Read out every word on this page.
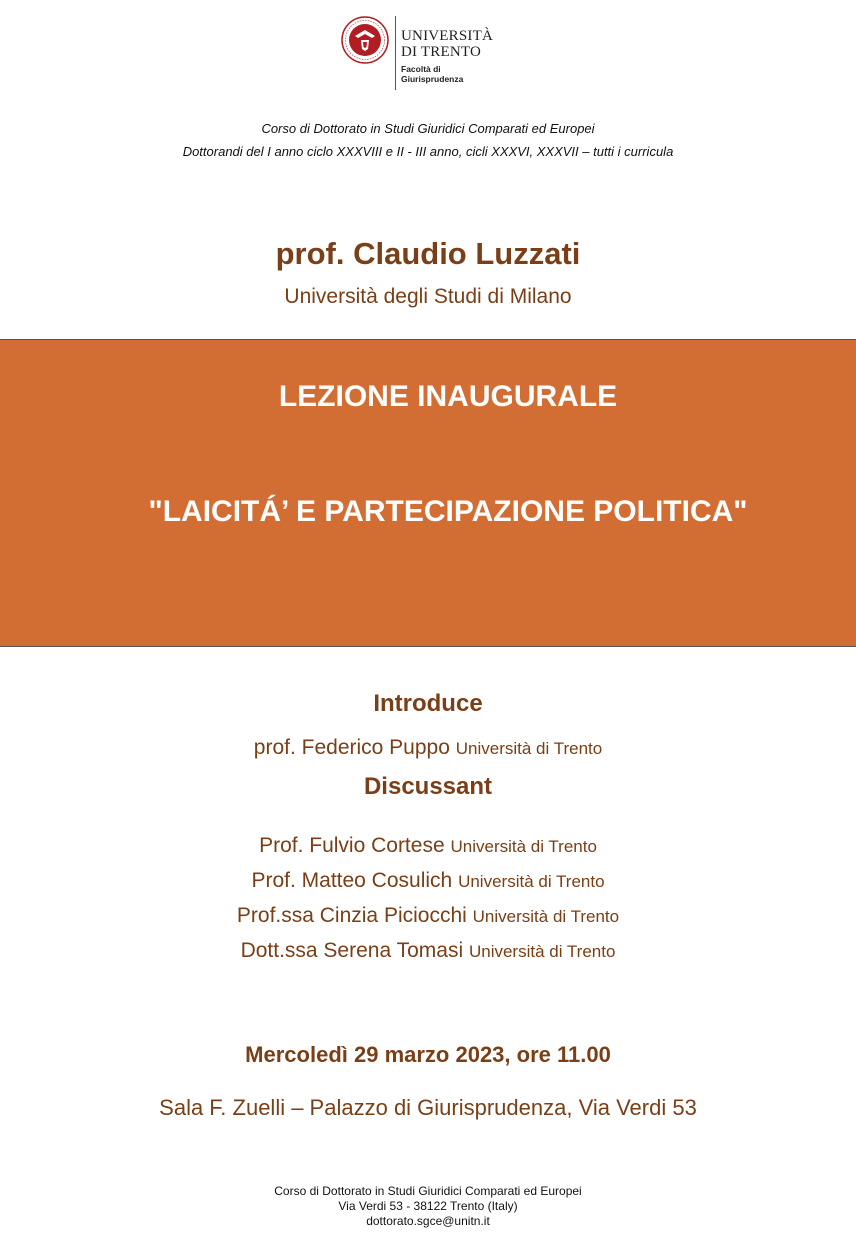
UNIVERSITÀ
DI TRENTO
Facoltà di
Giurisprudenza
Corso di Dottorato in Studi Giuridici Comparati ed Europei
Dottorandi del I anno ciclo XXXVIII e II - III anno, cicli XXXVI, XXXVII – tutti i curricula
prof. Claudio Luzzati
Università degli Studi di Milano
LEZIONE INAUGURALE
"LAICITÁ’ E PARTECIPAZIONE POLITICA"
Introduce
prof. Federico Puppo Università di Trento
Discussant
Prof. Fulvio Cortese Università di Trento
Prof. Matteo Cosulich Università di Trento
Prof.ssa Cinzia Piciocchi Università di Trento
Dott.ssa Serena Tomasi Università di Trento
Mercoledì 29 marzo 2023, ore 11.00
Sala F. Zuelli – Palazzo di Giurisprudenza, Via Verdi 53
Corso di Dottorato in Studi Giuridici Comparati ed Europei
Via Verdi 53 - 38122 Trento (Italy)
dottorato.sgce@unitn.it
